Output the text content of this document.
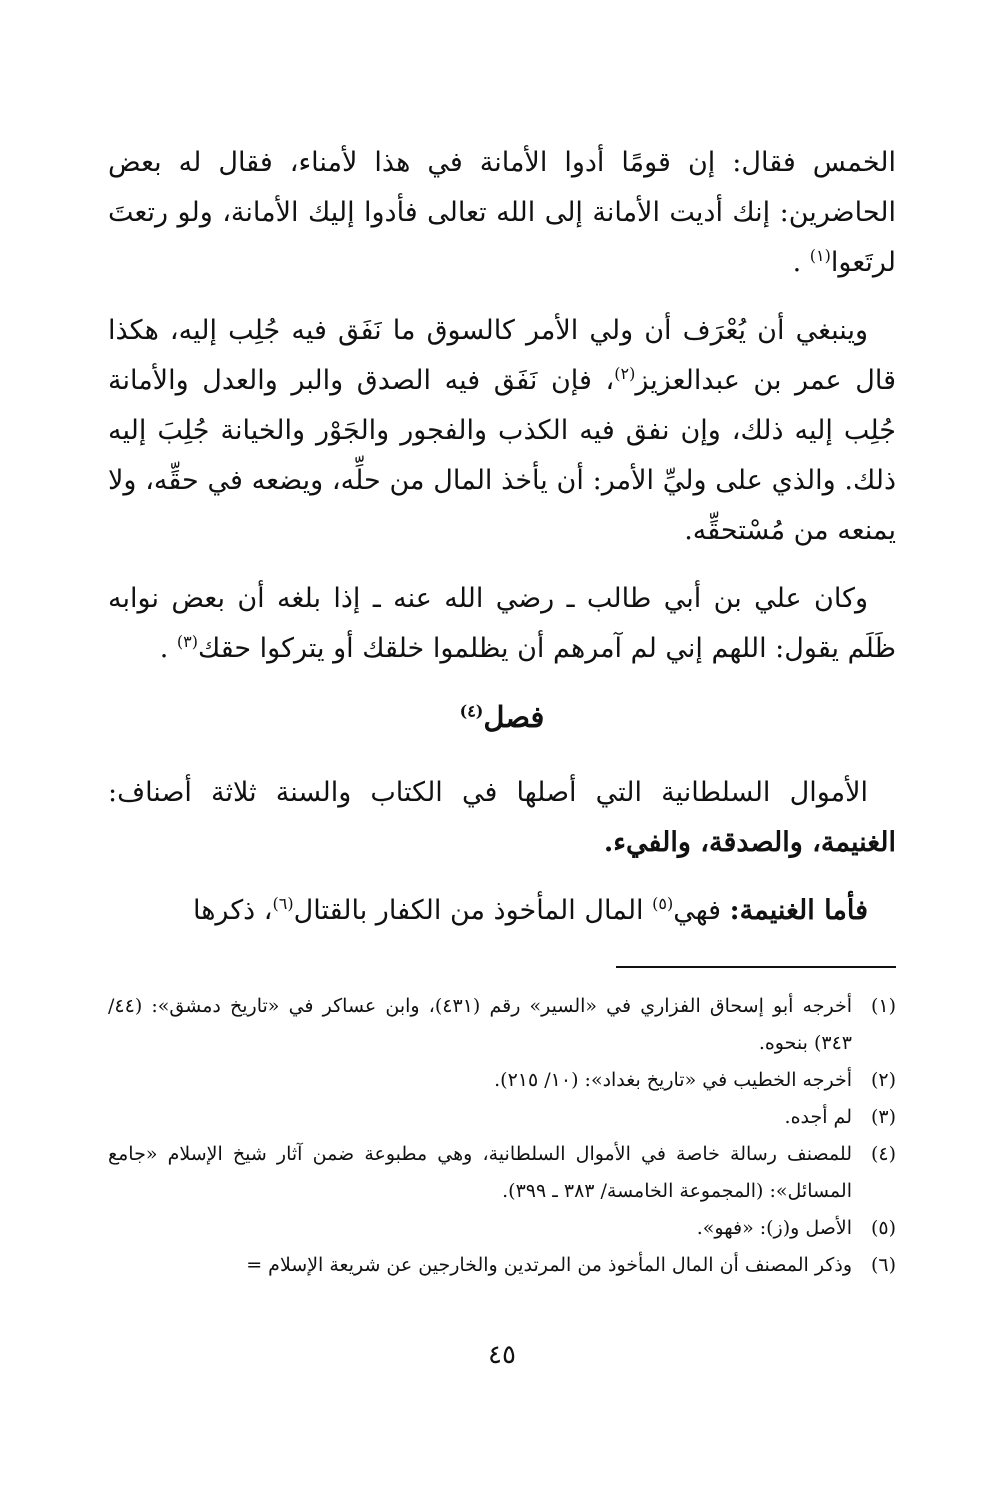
الخمس فقال: إن قومًا أدوا الأمانة في هذا لأمناء، فقال له بعض الحاضرين: إنك أديت الأمانة إلى الله تعالى فأدوا إليك الأمانة، ولو رتعتَ لرتَعوا$^{(١)}$ .

وينبغي أن يُعْرَف أن ولي الأمر كالسوق ما نَفَق فيه جُلِب إليه، هكذا قال عمر بن عبدالعزيز$^{(٢)}$، فإن نَفَق فيه الصدق والبر والعدل والأمانة جُلِب إليه ذلك، وإن نفق فيه الكذب والفجور والجَوْر والخيانة جُلِبَ إليه ذلك. والذي على وليِّ الأمر: أن يأخذ المال من حلِّه، ويضعه في حقِّه، ولا يمنعه من مُسْتحقِّه.

وكان علي بن أبي طالب ـ رضي الله عنه ـ إذا بلغه أن بعض نوابه ظَلَم يقول: اللهم إني لم آمرهم أن يظلموا خلقك أو يتركوا حقك$^{(٣)}$ .

فصل$^{(٤)}$

الأموال السلطانية التي أصلها في الكتاب والسنة ثلاثة أصناف: الغنيمة، والصدقة، والفيء.

فأما الغنيمة: فهي$^{(٥)}$ المال المأخوذ من الكفار بالقتال$^{(٦)}$، ذكرها

(١)
أخرجه أبو إسحاق الفزاري في «السير» رقم (٤٣١)، وابن عساكر في «تاريخ دمشق»: (٤٤/ ٣٤٣) بنحوه.
(٢)
أخرجه الخطيب في «تاريخ بغداد»: (١٠/ ٢١٥).
(٣)
لم أجده.
(٤)
للمصنف رسالة خاصة في الأموال السلطانية، وهي مطبوعة ضمن آثار شيخ الإسلام «جامع المسائل»: (المجموعة الخامسة/ ٣٨٣ ـ ٣٩٩).
(٥)
الأصل و(ز): «فهو».
(٦)
وذكر المصنف أن المال المأخوذ من المرتدين والخارجين عن شريعة الإسلام =
٤٥
